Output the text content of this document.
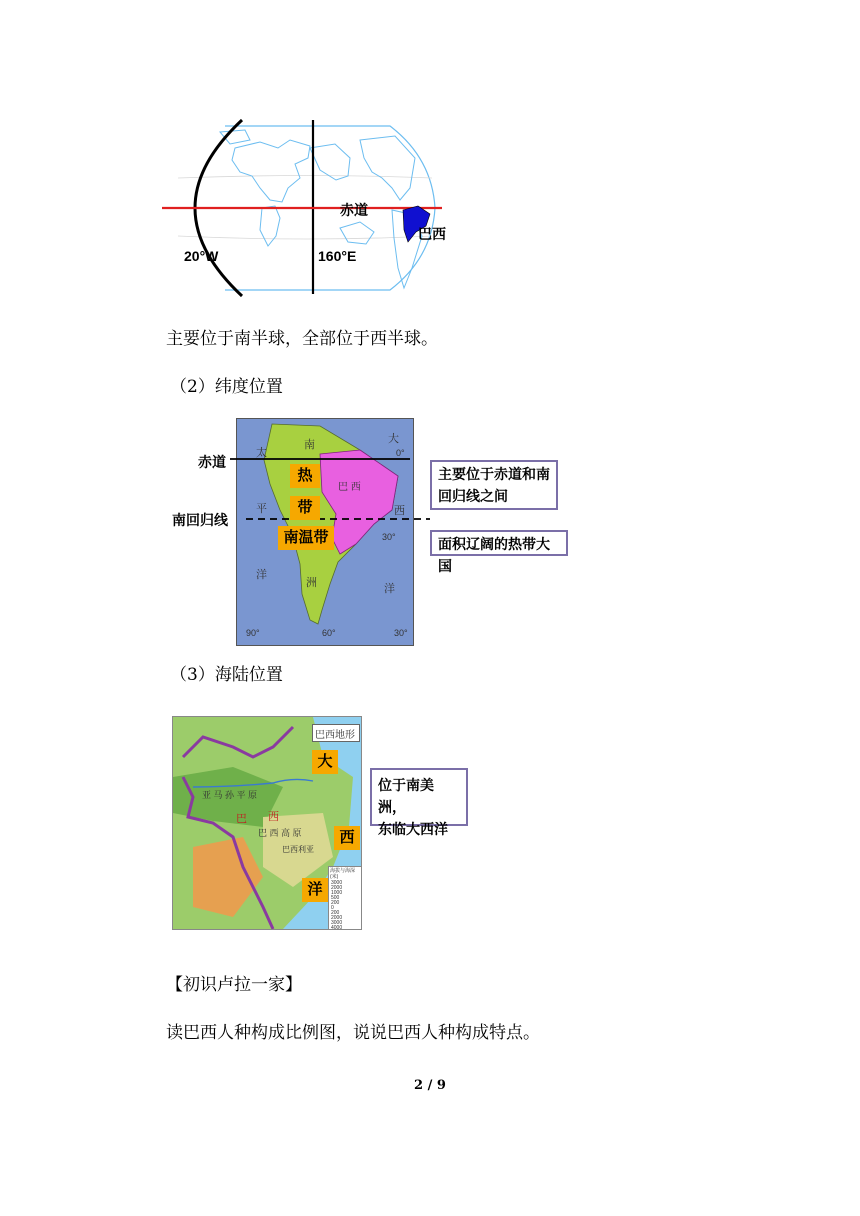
赤道
巴西
20°W	160°E
主要位于南半球，全部位于西半球。
（2）纬度位置
太
平
洋
南
洲
大
西
洋
巴 西
0°
30°
90°	60°	30°
热
带
南温带
赤道
南回归线
主要位于赤道和南
回归线之间
面积辽阔的热带大国
（3）海陆位置
巴西地形
亚 马 孙 平 原
巴 西
巴 西 高 原
巴西利亚
海拔与海深(米)
3000
2000
1000
500
200
0
200
2000
3000
4000
大
西
洋
位于南美洲，
东临大西洋
【初识卢拉一家】
读巴西人种构成比例图，说说巴西人种构成特点。
2 / 9
